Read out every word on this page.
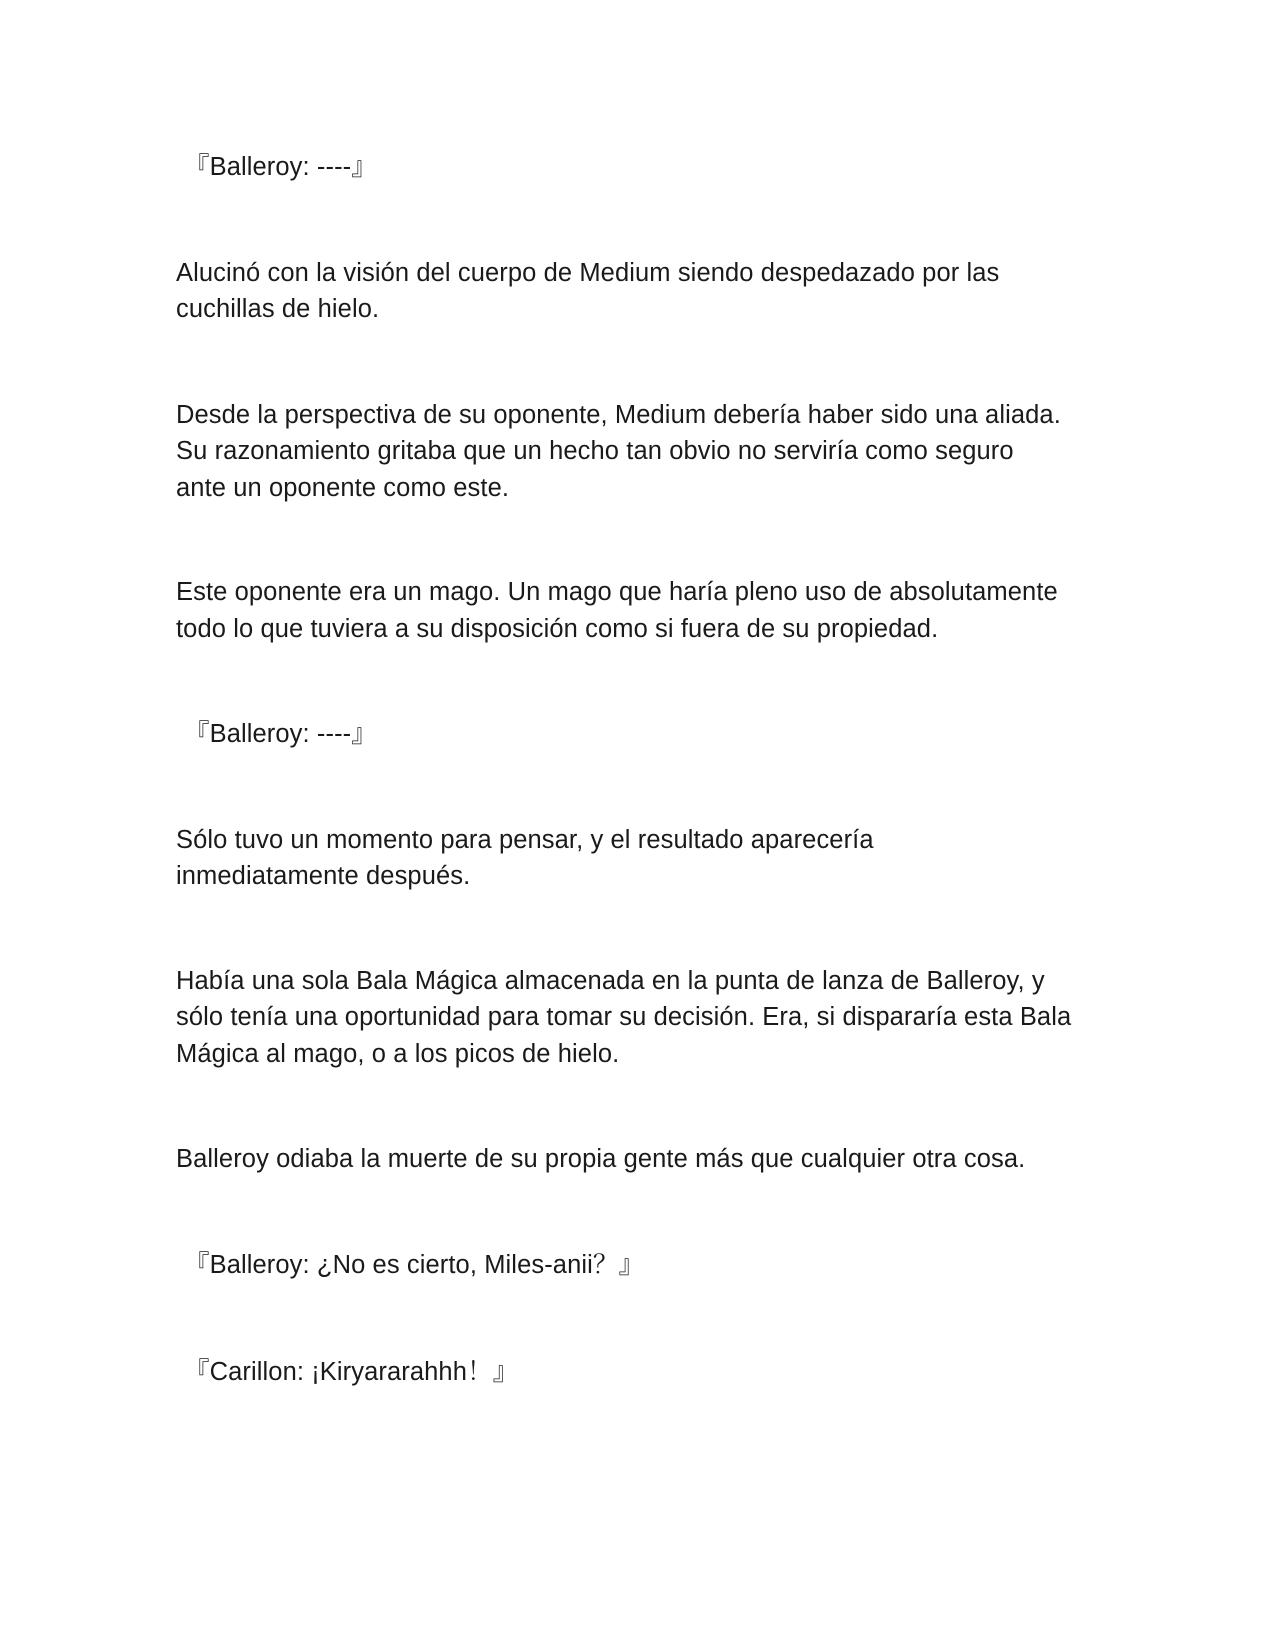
『Balleroy: ----』
Alucinó con la visión del cuerpo de Medium siendo despedazado por las
cuchillas de hielo.
Desde la perspectiva de su oponente, Medium debería haber sido una aliada.
Su razonamiento gritaba que un hecho tan obvio no serviría como seguro
ante un oponente como este.
Este oponente era un mago. Un mago que haría pleno uso de absolutamente
todo lo que tuviera a su disposición como si fuera de su propiedad.
『Balleroy: ----』
Sólo tuvo un momento para pensar, y el resultado aparecería
inmediatamente después.
Había una sola Bala Mágica almacenada en la punta de lanza de Balleroy, y
sólo tenía una oportunidad para tomar su decisión. Era, si dispararía esta Bala
Mágica al mago, o a los picos de hielo.
Balleroy odiaba la muerte de su propia gente más que cualquier otra cosa.
『Balleroy: ¿No es cierto, Miles-anii？』
『Carillon: ¡Kiryararahhh！』
